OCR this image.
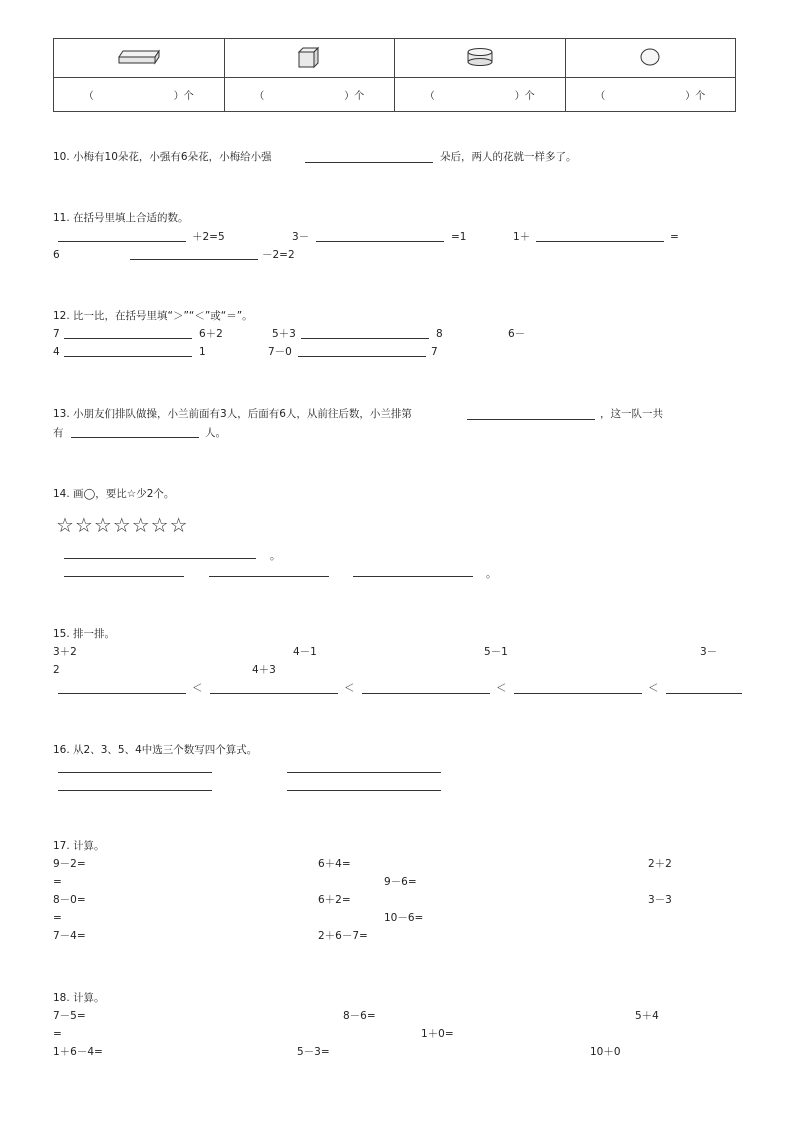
（ ）个	（ ）个	（ ）个	（ ）个
10. 小梅有10朵花，小强有6朵花，小梅给小强	朵后，两人的花就一样多了。
11. 在括号里填上合适的数。
＋2=5	3－	=1	1＋	=
6	－2=2
12. 比一比，在括号里填“＞”“＜”或“＝”。
7	6＋2	5＋3	8	6－
4	1	7－0	7
13. 小朋友们排队做操，小兰前面有3人，后面有6人，从前往后数，小兰排第	，这一队一共
有	人。
14. 画◯，要比☆少2个。
☆☆☆☆☆☆☆
。
。
15. 排一排。
3＋2	4－1	5－1	3－
2	4＋3
＜	＜	＜	＜
16. 从2、3、5、4中选三个数写四个算式。
17. 计算。
9－2=	6＋4=	2＋2
=	9－6=
8－0=	6＋2=	3－3
=	10－6=
7－4=	2＋6－7=
18. 计算。
7－5=	8－6=	5＋4
=	1＋0=
1＋6－4=	5－3=	10＋0
